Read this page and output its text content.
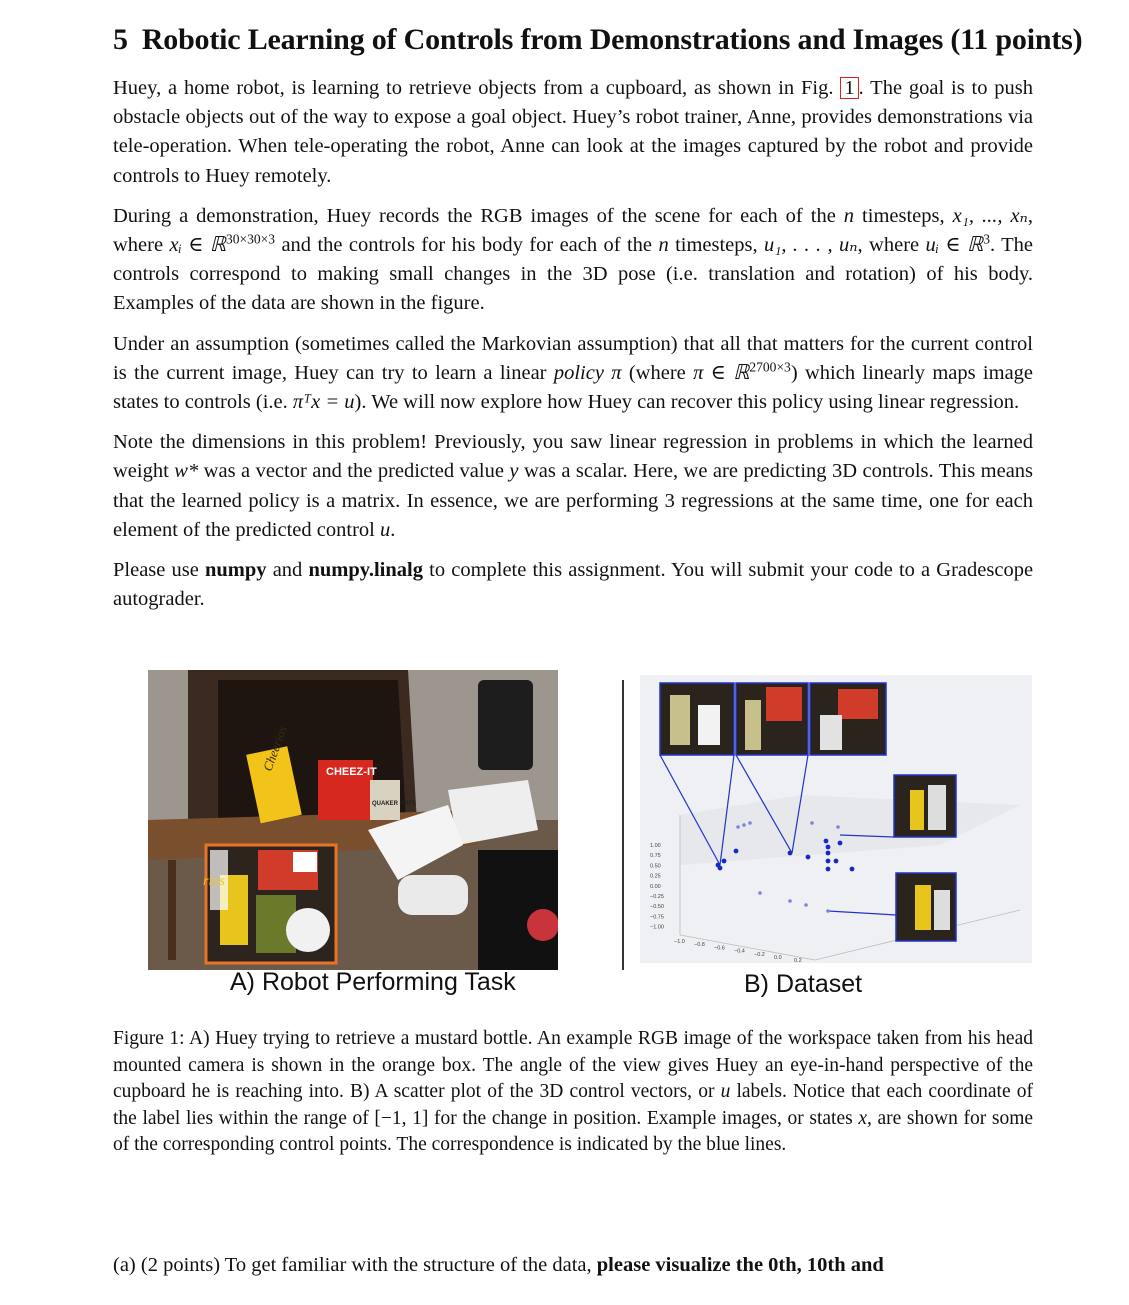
5 Robotic Learning of Controls from Demonstrations and Images (11 points)

Huey, a home robot, is learning to retrieve objects from a cupboard, as shown in Fig. 1 . The goal is to push obstacle objects out of the way to expose a goal object. Huey’s robot trainer, Anne, provides demonstrations via tele-operation. When tele-operating the robot, Anne can look at the images captured by the robot and provide controls to Huey remotely.

During a demonstration, Huey records the RGB images of the scene for each of the n timesteps, x₁, ..., xₙ, where xᵢ ∈ ℝ$^{30\times 30\times 3}$ and the controls for his body for each of the n timesteps, u₁, . . . , uₙ, where uᵢ ∈ ℝ$^3$. The controls correspond to making small changes in the 3D pose (i.e. translation and rotation) of his body. Examples of the data are shown in the figure.

Under an assumption (sometimes called the Markovian assumption) that all that matters for the current control is the current image, Huey can try to learn a linear policy π (where π ∈ ℝ$^{2700\times 3}$) which linearly maps image states to controls (i.e. πᵀx = u). We will now explore how Huey can recover this policy using linear regression.

Note the dimensions in this problem! Previously, you saw linear regression in problems in which the learned weight w* was a vector and the predicted value y was a scalar. Here, we are predicting 3D controls. This means that the learned policy is a matrix. In essence, we are performing 3 regressions at the same time, one for each element of the predicted control u.

Please use numpy and numpy.linalg to complete this assignment. You will submit your code to a Gradescope autograder.

Cheerios	CHEEZ-IT
QUAKER OATS
rios
1.00
0.75
0.50
0.25
0.00
−0.25
−0.50
−0.75
−1.00
−1.0
−0.8
−0.6
−0.4
−0.2
0.0
0.2
A) Robot Performing Task	B) Dataset
Figure 1: A) Huey trying to retrieve a mustard bottle. An example RGB image of the workspace taken from his head mounted camera is shown in the orange box. The angle of the view gives Huey an eye-in-hand perspective of the cupboard he is reaching into. B) A scatter plot of the 3D control vectors, or u labels. Notice that each coordinate of the label lies within the range of [−1, 1] for the change in position. Example images, or states x, are shown for some of the corresponding control points. The correspondence is indicated by the blue lines.
(a) (2 points) To get familiar with the structure of the data, please visualize the 0th, 10th and
